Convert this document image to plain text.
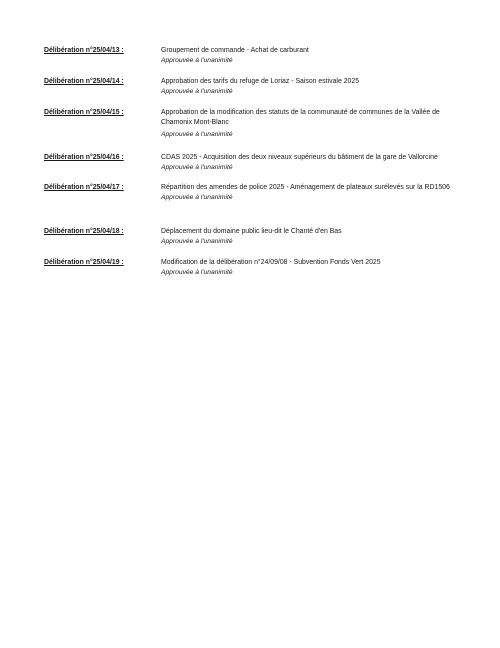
Délibération n°25/04/13 :	Groupement de commande - Achat de carburant
Approuvée à l'unanimité
Délibération n°25/04/14 :	Approbation des tarifs du refuge de Loriaz - Saison estivale 2025
Approuvée à l'unanimité
Délibération n°25/04/15 :	Approbation de la modification des statuts de la communauté de communes de la Vallée de Chamonix Mont-Blanc
Approuvée à l'unanimité
Délibération n°25/04/16 :	CDAS 2025 - Acquisition des deux niveaux supérieurs du bâtiment de la gare de Vallorcine
Approuvée à l'unanimité
Délibération n°25/04/17 :	Répartition des amendes de police 2025 - Aménagement de plateaux surélevés sur la RD1506
Approuvée à l'unanimité
Délibération n°25/04/18 :	Déplacement du domaine public lieu-dit le Chanté d'en Bas
Approuvée à l'unanimité
Délibération n°25/04/19 :	Modification de la délibération n°24/09/08 - Subvention Fonds Vert 2025
Approuvée à l'unanimité
